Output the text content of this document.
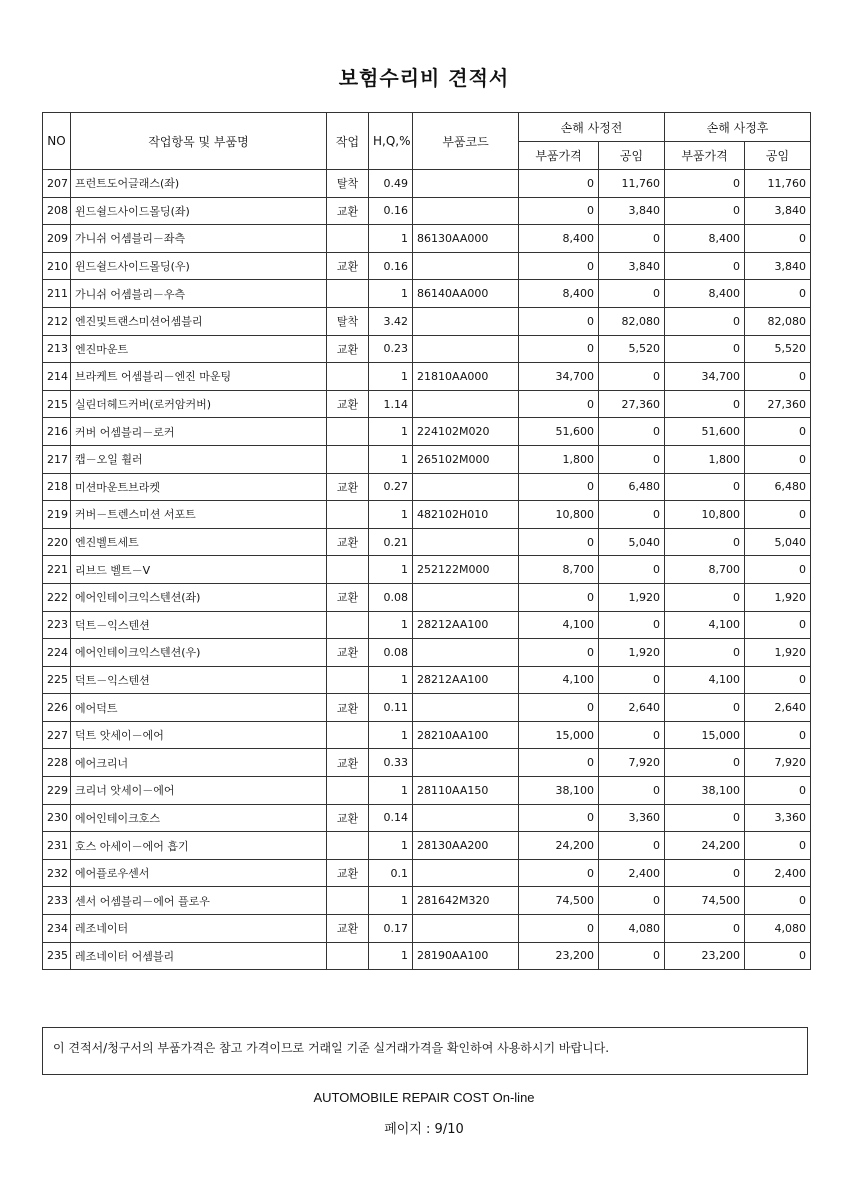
보험수리비 견적서
NO	작업항목 및 부품명	작업	H,Q,%	부품코드	손해 사정전		손해 사정후	
					부품가격	공임	부품가격	공임
207	프런트도어글래스(좌)	탈착	0.49		0	11,760	0	11,760
208	윈드쉴드사이드몰딩(좌)	교환	0.16		0	3,840	0	3,840
209	가니쉬 어셈블리－좌측		1	86130AA000	8,400	0	8,400	0
210	윈드쉴드사이드몰딩(우)	교환	0.16		0	3,840	0	3,840
211	가니쉬 어셈블리－우측		1	86140AA000	8,400	0	8,400	0
212	엔진및트랜스미션어셈블리	탈착	3.42		0	82,080	0	82,080
213	엔진마운트	교환	0.23		0	5,520	0	5,520
214	브라케트 어셈블리－엔진 마운팅		1	21810AA000	34,700	0	34,700	0
215	실린더헤드커버(로커암커버)	교환	1.14		0	27,360	0	27,360
216	커버 어셈블리－로커		1	224102M020	51,600	0	51,600	0
217	캡－오일 휠러		1	265102M000	1,800	0	1,800	0
218	미션마운트브라켓	교환	0.27		0	6,480	0	6,480
219	커버－트렌스미션 서포트		1	482102H010	10,800	0	10,800	0
220	엔진벨트세트	교환	0.21		0	5,040	0	5,040
221	리브드 벨트－V		1	252122M000	8,700	0	8,700	0
222	에어인테이크익스텐션(좌)	교환	0.08		0	1,920	0	1,920
223	덕트－익스텐션		1	28212AA100	4,100	0	4,100	0
224	에어인테이크익스텐션(우)	교환	0.08		0	1,920	0	1,920
225	덕트－익스텐션		1	28212AA100	4,100	0	4,100	0
226	에어덕트	교환	0.11		0	2,640	0	2,640
227	덕트 앗세이－에어		1	28210AA100	15,000	0	15,000	0
228	에어크리너	교환	0.33		0	7,920	0	7,920
229	크리너 앗세이－에어		1	28110AA150	38,100	0	38,100	0
230	에어인테이크호스	교환	0.14		0	3,360	0	3,360
231	호스 아세이－에어 흡기		1	28130AA200	24,200	0	24,200	0
232	에어플로우센서	교환	0.1		0	2,400	0	2,400
233	센서 어셈블리－에어 플로우		1	281642M320	74,500	0	74,500	0
234	레조네이터	교환	0.17		0	4,080	0	4,080
235	레조네이터 어셈블리		1	28190AA100	23,200	0	23,200	0
이 견적서/청구서의 부품가격은 참고 가격이므로 거래일 기준 실거래가격을 확인하여 사용하시기 바랍니다.
AUTOMOBILE REPAIR COST On-line
페이지 : 9/10
